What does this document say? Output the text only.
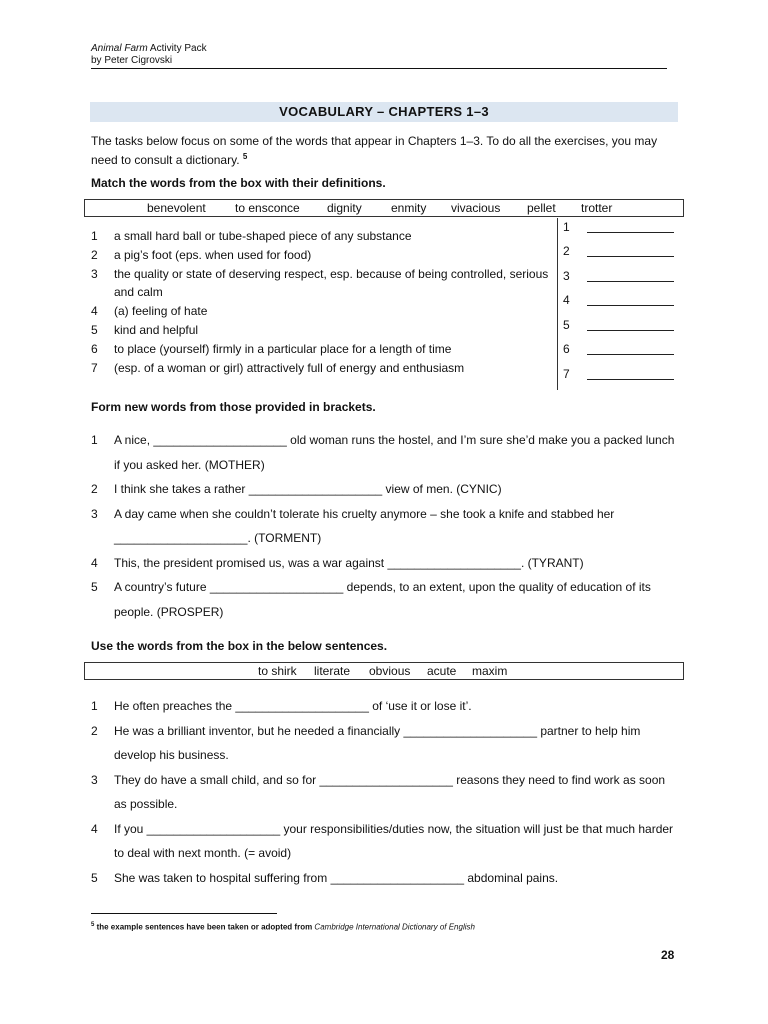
Animal Farm Activity Pack
by Peter Cigrovski
VOCABULARY – CHAPTERS 1–3
The tasks below focus on some of the words that appear in Chapters 1–3. To do all the exercises, you may need to consult a dictionary. $^5$
Match the words from the box with their definitions.
benevolent to ensconce dignity enmity vivacious pellet trotter
1 a small hard ball or tube-shaped piece of any substance
2 a pig’s foot (eps. when used for food)
3 the quality or state of deserving respect, esp. because of being controlled, serious and calm
4 (a) feeling of hate
5 kind and helpful
6 to place (yourself) firmly in a particular place for a length of time
7 (esp. of a woman or girl) attractively full of energy and enthusiasm
1
2
3
4
5
6
7
Form new words from those provided in brackets.
1 A nice, ____________________ old woman runs the hostel, and I’m sure she’d make you a packed lunch if you asked her. (MOTHER)
2 I think she takes a rather ____________________ view of men. (CYNIC)
3 A day came when she couldn’t tolerate his cruelty anymore – she took a knife and stabbed her ____________________. (TORMENT)
4 This, the president promised us, was a war against ____________________. (TYRANT)
5 A country’s future ____________________ depends, to an extent, upon the quality of education of its people. (PROSPER)
Use the words from the box in the below sentences.
to shirk literate obvious acute maxim
1 He often preaches the ____________________ of ‘use it or lose it’.
2 He was a brilliant inventor, but he needed a financially ____________________ partner to help him develop his business.
3 They do have a small child, and so for ____________________ reasons they need to find work as soon as possible.
4 If you ____________________ your responsibilities/duties now, the situation will just be that much harder to deal with next month. (= avoid)
5 She was taken to hospital suffering from ____________________ abdominal pains.
$^5$ the example sentences have been taken or adopted from Cambridge International Dictionary of English
28
